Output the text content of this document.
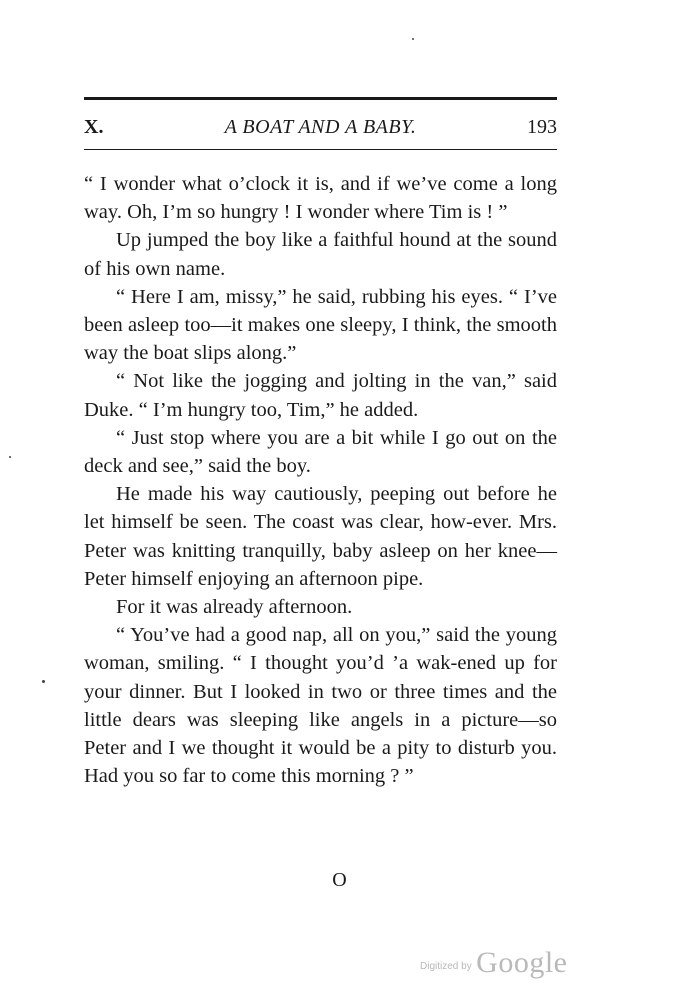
X.	A BOAT AND A BABY.	193

“ I wonder what o’clock it is, and if we’ve come a long way. Oh, I’m so hungry ! I wonder where Tim is ! ”

Up jumped the boy like a faithful hound at the sound of his own name.

“ Here I am, missy,” he said, rubbing his eyes. “ I’ve been asleep too—it makes one sleepy, I think, the smooth way the boat slips along.”

“ Not like the jogging and jolting in the van,” said Duke. “ I’m hungry too, Tim,” he added.

“ Just stop where you are a bit while I go out on the deck and see,” said the boy.

He made his way cautiously, peeping out before he let himself be seen. The coast was clear, how-ever. Mrs. Peter was knitting tranquilly, baby asleep on her knee—Peter himself enjoying an afternoon pipe.

For it was already afternoon.

“ You’ve had a good nap, all on you,” said the young woman, smiling. “ I thought you’d ’a wak-ened up for your dinner. But I looked in two or three times and the little dears was sleeping like angels in a picture—so Peter and I we thought it would be a pity to disturb you. Had you so far to come this morning ? ”

O
Digitized by Google
